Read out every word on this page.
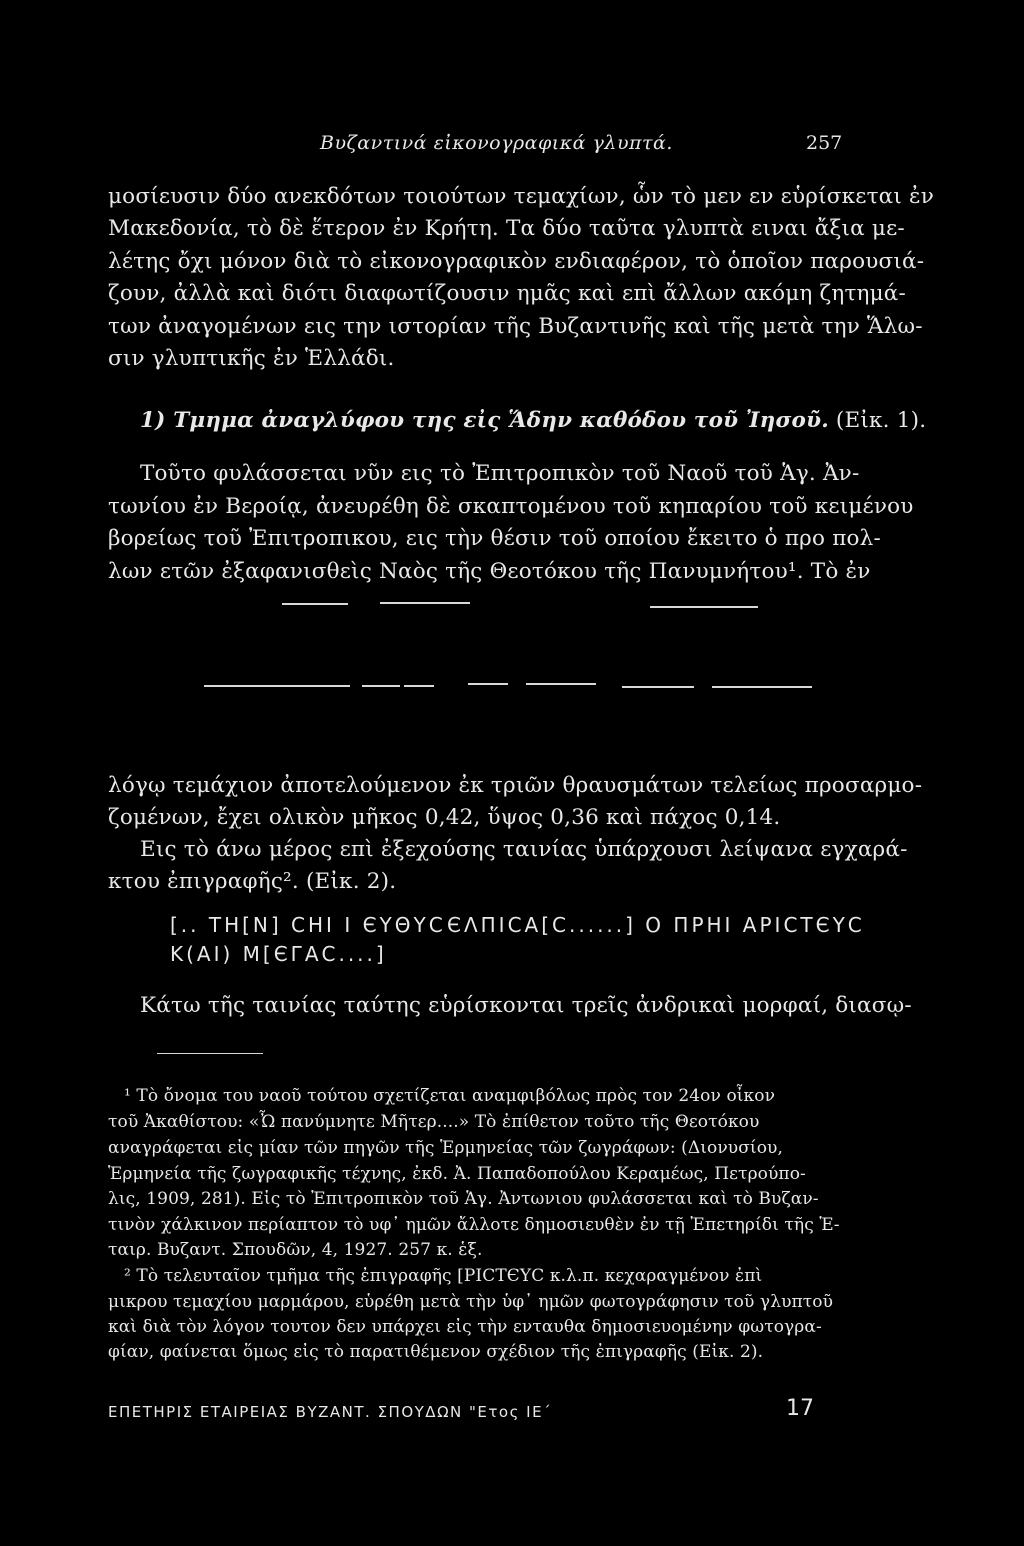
Βυζαντινά εἰκονογραφικά γλυπτά.	257
μοσίευσιν δύο ανεκδότων τοιούτων τεμαχίων, ὧν τὸ μεν εν εὑρίσκεται ἐν
Μακεδονία, τὸ δὲ ἕτερον ἐν Κρήτη. Τα δύο ταῦτα γλυπτὰ ειναι ἄξια με-
λέτης ὄχι μόνον διὰ τὸ εἰκονογραφικὸν ενδιαφέρον, τὸ ὁποῖον παρουσιά-
ζουν, ἀλλὰ καὶ διότι διαφωτίζουσιν ημᾶς καὶ επὶ ἄλλων ακόμη ζητημά-
των ἀναγομένων εις την ιστορίαν τῆς Βυζαντινῆς καὶ τῆς μετὰ την Ἅλω-
σιν γλυπτικῆς ἐν Ἑλλάδι.
1) Τμημα ἀναγλύφου της εἰς Ἅδην καθόδου τοῦ Ἰησοῦ. (Εἰκ. 1).
Τοῦτο φυλάσσεται νῦν εις τὸ Ἐπιτροπικὸν τοῦ Ναοῦ τοῦ Ἁγ. Ἀν-
τωνίου ἐν Βεροίᾳ, ἀνευρέθη δὲ σκαπτομένου τοῦ κηπαρίου τοῦ κειμένου
βορείως τοῦ Ἐπιτροπικου, εις τὴν θέσιν τοῦ οποίου ἔκειτο ὁ προ πολ-
λων ετῶν ἐξαφανισθεὶς Ναὸς τῆς Θεοτόκου τῆς Πανυμνήτου¹. Τὸ ἐν
λόγῳ τεμάχιον ἀποτελούμενον ἐκ τριῶν θραυσμάτων τελείως προσαρμο-
ζομένων, ἔχει ολικὸν μῆκος 0,42, ὕψος 0,36 καὶ πάχος 0,14.
Εις τὸ άνω μέρος επὶ ἐξεχούσης ταινίας ὑπάρχουσι λείψανα εγχαρά-
κτου ἐπιγραφῆς². (Εἰκ. 2).
[.. ΤΗ[Ν] CΗΙ Ι ЄΥΘΥC ЄΛΠΙCΑ[C......] Ο ΠΡΗΙ ΑΡΙCΤЄΥC
Κ(ΑΙ) Μ[ЄΓΑC....]
Κάτω τῆς ταινίας ταύτης εὑρίσκονται τρεῖς ἀνδρικαὶ μορφαί, διασῳ-
¹ Τὸ ὄνομα του ναοῦ τούτου σχετίζεται αναμφιβόλως πρὸς τον 24ον οἶκον
τοῦ Ἀκαθίστου: «Ὦ πανύμνητε Μῆτερ....» Τὸ ἐπίθετον τοῦτο τῆς Θεοτόκου
αναγράφεται εἰς μίαν τῶν πηγῶν τῆς Ἑρμηνείας τῶν ζωγράφων: (Διονυσίου,
Ἑρμηνεία τῆς ζωγραφικῆς τέχνης, ἐκδ. Ἀ. Παπαδοπούλου Κεραμέως, Πετρούπο-
λις, 1909, 281). Εἰς τὸ Ἐπιτροπικὸν τοῦ Ἁγ. Ἀντωνιου φυλάσσεται καὶ τὸ Βυζαν-
τινὸν χάλκινον περίαπτον τὸ υφ᾽ ημῶν ἄλλοτε δημοσιευθὲν ἐν τῇ Ἐπετηρίδι τῆς Ἑ-
ταιρ. Βυζαντ. Σπουδῶν, 4, 1927. 257 κ. ἑξ.
² Τὸ τελευταῖον τμῆμα τῆς ἐπιγραφῆς [ΡΙCΤЄΥC κ.λ.π. κεχαραγμένον ἐπὶ
μικρου τεμαχίου μαρμάρου, εὑρέθη μετὰ τὴν ὑφ᾽ ημῶν φωτογράφησιν τοῦ γλυπτοῦ
καὶ διὰ τὸν λόγον τουτον δεν υπάρχει εἰς τὴν ενταυθα δημοσιευομένην φωτογρα-
φίαν, φαίνεται ὅμως εἰς τὸ παρατιθέμενον σχέδιον τῆς ἐπιγραφῆς (Εἰκ. 2).
ΕΠΕΤΗΡΙΣ ΕΤΑΙΡΕΙΑΣ ΒΥΖΑΝΤ. ΣΠΟΥΔΩΝ "Ετος ΙΕ΄	17
